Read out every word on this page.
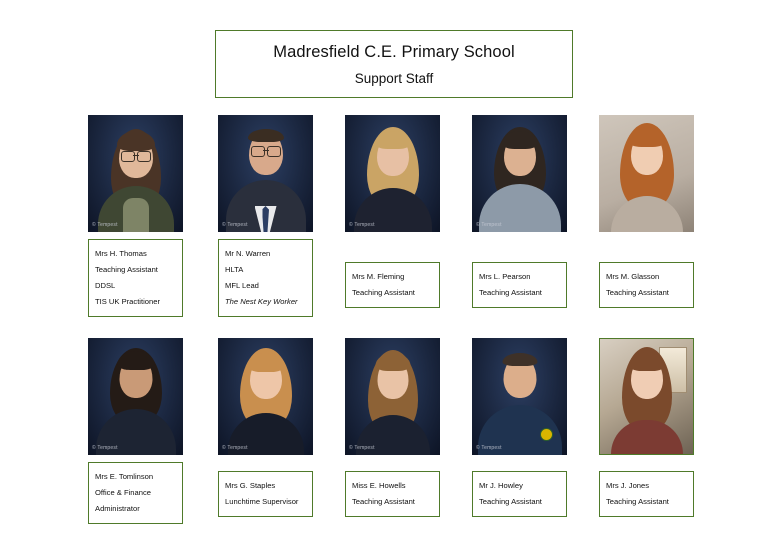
Madresfield C.E. Primary School
Support Staff
© Tempest
Mrs H. Thomas
Teaching Assistant
DDSL
TIS UK Practitioner
© Tempest
Mr N. Warren
HLTA
MFL Lead
The Nest Key Worker
© Tempest
Mrs M. Fleming
Teaching Assistant
© Tempest
Mrs L. Pearson
Teaching Assistant
Mrs M. Glasson
Teaching Assistant
© Tempest
Mrs E. Tomlinson
Office & Finance
Administrator
© Tempest
Mrs G. Staples
Lunchtime Supervisor
© Tempest
Miss E. Howells
Teaching Assistant
© Tempest
Mr J. Howley
Teaching Assistant
Mrs J. Jones
Teaching Assistant
